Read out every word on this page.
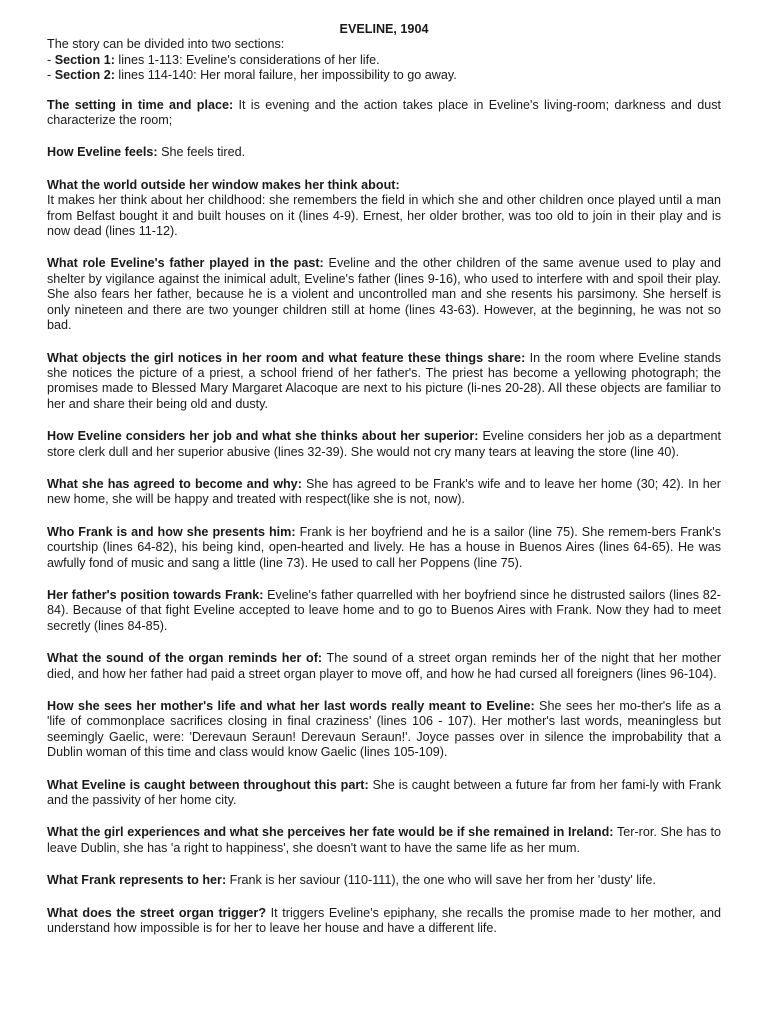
EVELINE, 1904

The story can be divided into two sections:
- Section 1: lines 1-113: Eveline's considerations of her life.
- Section 2: lines 114-140: Her moral failure, her impossibility to go away.

The setting in time and place: It is evening and the action takes place in Eveline's living-room; darkness and dust characterize the room;

How Eveline feels: She feels tired.

What the world outside her window makes her think about:
It makes her think about her childhood: she remembers the field in which she and other children once played until a man from Belfast bought it and built houses on it (lines 4-9). Ernest, her older brother, was too old to join in their play and is now dead (lines 11-12).

What role Eveline's father played in the past: Eveline and the other children of the same avenue used to play and shelter by vigilance against the inimical adult, Eveline's father (lines 9-16), who used to interfere with and spoil their play. She also fears her father, because he is a violent and uncontrolled man and she resents his parsimony. She herself is only nineteen and there are two younger children still at home (lines 43-63). However, at the beginning, he was not so bad.

What objects the girl notices in her room and what feature these things share: In the room where Eveline stands she notices the picture of a priest, a school friend of her father's. The priest has become a yellowing photograph; the promises made to Blessed Mary Margaret Alacoque are next to his picture (li-nes 20-28). All these objects are familiar to her and share their being old and dusty.

How Eveline considers her job and what she thinks about her superior: Eveline considers her job as a department store clerk dull and her superior abusive (lines 32-39). She would not cry many tears at leaving the store (line 40).

What she has agreed to become and why: She has agreed to be Frank's wife and to leave her home (30; 42). In her new home, she will be happy and treated with respect(like she is not, now).

Who Frank is and how she presents him: Frank is her boyfriend and he is a sailor (line 75). She remem-bers Frank's courtship (lines 64-82), his being kind, open-hearted and lively. He has a house in Buenos Aires (lines 64-65). He was awfully fond of music and sang a little (line 73). He used to call her Poppens (line 75).

Her father's position towards Frank: Eveline's father quarrelled with her boyfriend since he distrusted sailors (lines 82-84). Because of that fight Eveline accepted to leave home and to go to Buenos Aires with Frank. Now they had to meet secretly (lines 84-85).

What the sound of the organ reminds her of: The sound of a street organ reminds her of the night that her mother died, and how her father had paid a street organ player to move off, and how he had cursed all foreigners (lines 96-104).

How she sees her mother's life and what her last words really meant to Eveline: She sees her mo-ther's life as a 'life of commonplace sacrifices closing in final craziness' (lines 106 - 107). Her mother's last words, meaningless but seemingly Gaelic, were: 'Derevaun Seraun! Derevaun Seraun!'. Joyce passes over in silence the improbability that a Dublin woman of this time and class would know Gaelic (lines 105-109).

What Eveline is caught between throughout this part: She is caught between a future far from her fami-ly with Frank and the passivity of her home city.

What the girl experiences and what she perceives her fate would be if she remained in Ireland: Ter-ror. She has to leave Dublin, she has 'a right to happiness', she doesn't want to have the same life as her mum.

What Frank represents to her: Frank is her saviour (110-111), the one who will save her from her 'dusty' life.

What does the street organ trigger? It triggers Eveline's epiphany, she recalls the promise made to her mother, and understand how impossible is for her to leave her house and have a different life.
